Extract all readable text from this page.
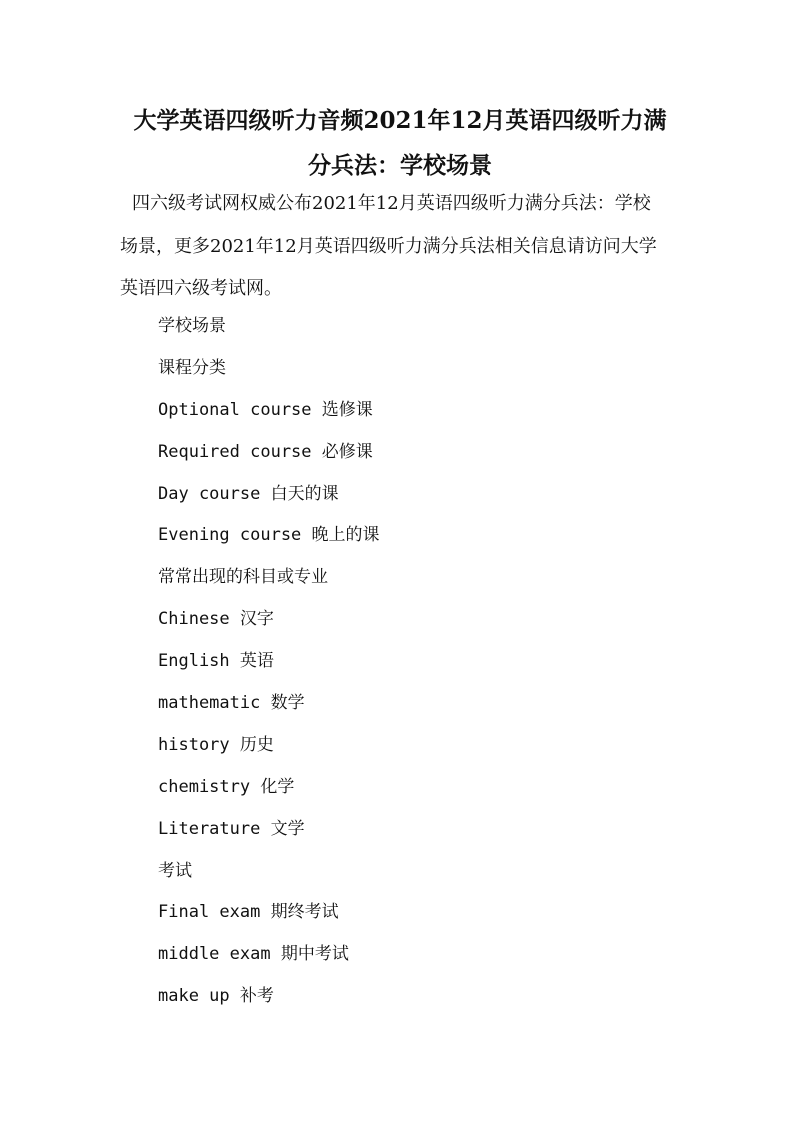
大学英语四级听力音频2021年12月英语四级听力满
分兵法：学校场景
四六级考试网权威公布2021年12月英语四级听力满分兵法：学校
场景，更多2021年12月英语四级听力满分兵法相关信息请访问大学
英语四六级考试网。
学校场景
课程分类
Optional course 选修课
Required course 必修课
Day course 白天的课
Evening course 晚上的课
常常出现的科目或专业
Chinese 汉字
English 英语
mathematic 数学
history 历史
chemistry 化学
Literature 文学
考试
Final exam 期终考试
middle exam 期中考试
make up 补考
